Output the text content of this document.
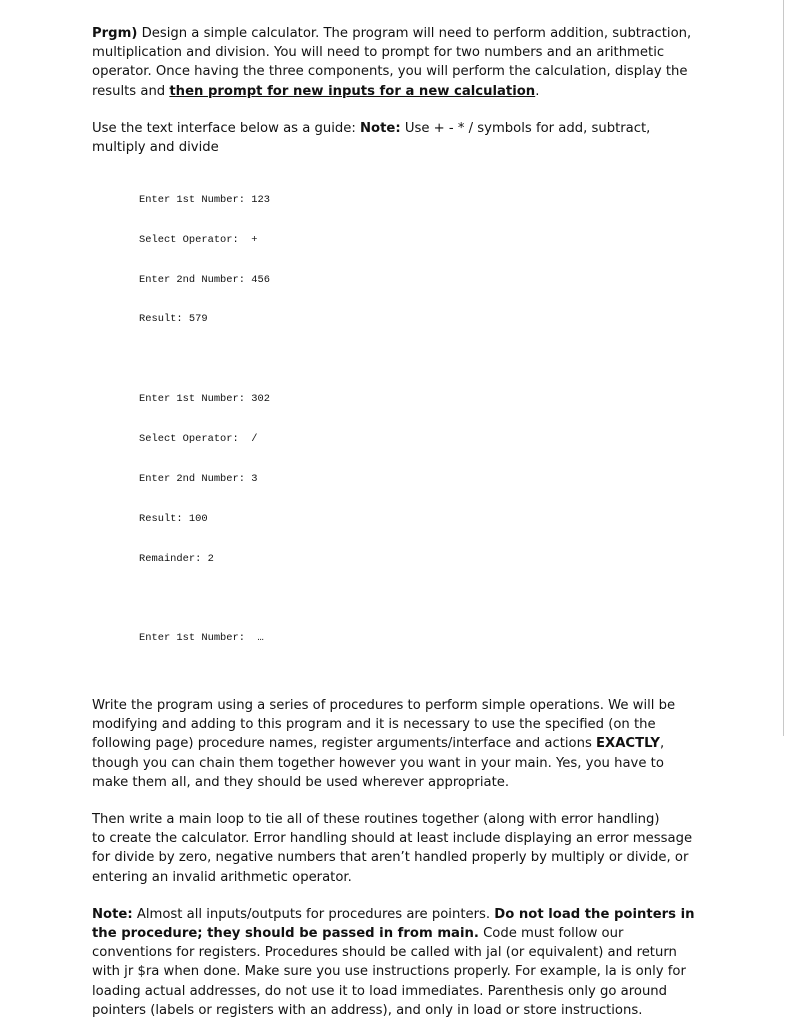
Prgm) Design a simple calculator. The program will need to perform addition, subtraction, multiplication and division. You will need to prompt for two numbers and an arithmetic operator. Once having the three components, you will perform the calculation, display the results and then prompt for new inputs for a new calculation.

Use the text interface below as a guide: Note: Use + - * / symbols for add, subtract, multiply and divide

Enter 1st Number: 123

Select Operator:  +

Enter 2nd Number: 456

Result: 579

Enter 1st Number: 302

Select Operator:  /

Enter 2nd Number: 3

Result: 100

Remainder: 2

Enter 1st Number:  …

Write the program using a series of procedures to perform simple operations. We will be modifying and adding to this program and it is necessary to use the specified (on the following page) procedure names, register arguments/interface and actions EXACTLY, though you can chain them together however you want in your main. Yes, you have to make them all, and they should be used wherever appropriate.

Then write a main loop to tie all of these routines together (along with error handling)
to create the calculator. Error handling should at least include displaying an error message for divide by zero, negative numbers that aren’t handled properly by multiply or divide, or entering an invalid arithmetic operator.

Note: Almost all inputs/outputs for procedures are pointers. Do not load the pointers in the procedure; they should be passed in from main. Code must follow our conventions for registers. Procedures should be called with jal (or equivalent) and return with jr $ra when done. Make sure you use instructions properly. For example, la is only for loading actual addresses, do not use it to load immediates. Parenthesis only go around pointers (labels or registers with an address), and only in load or store instructions.
